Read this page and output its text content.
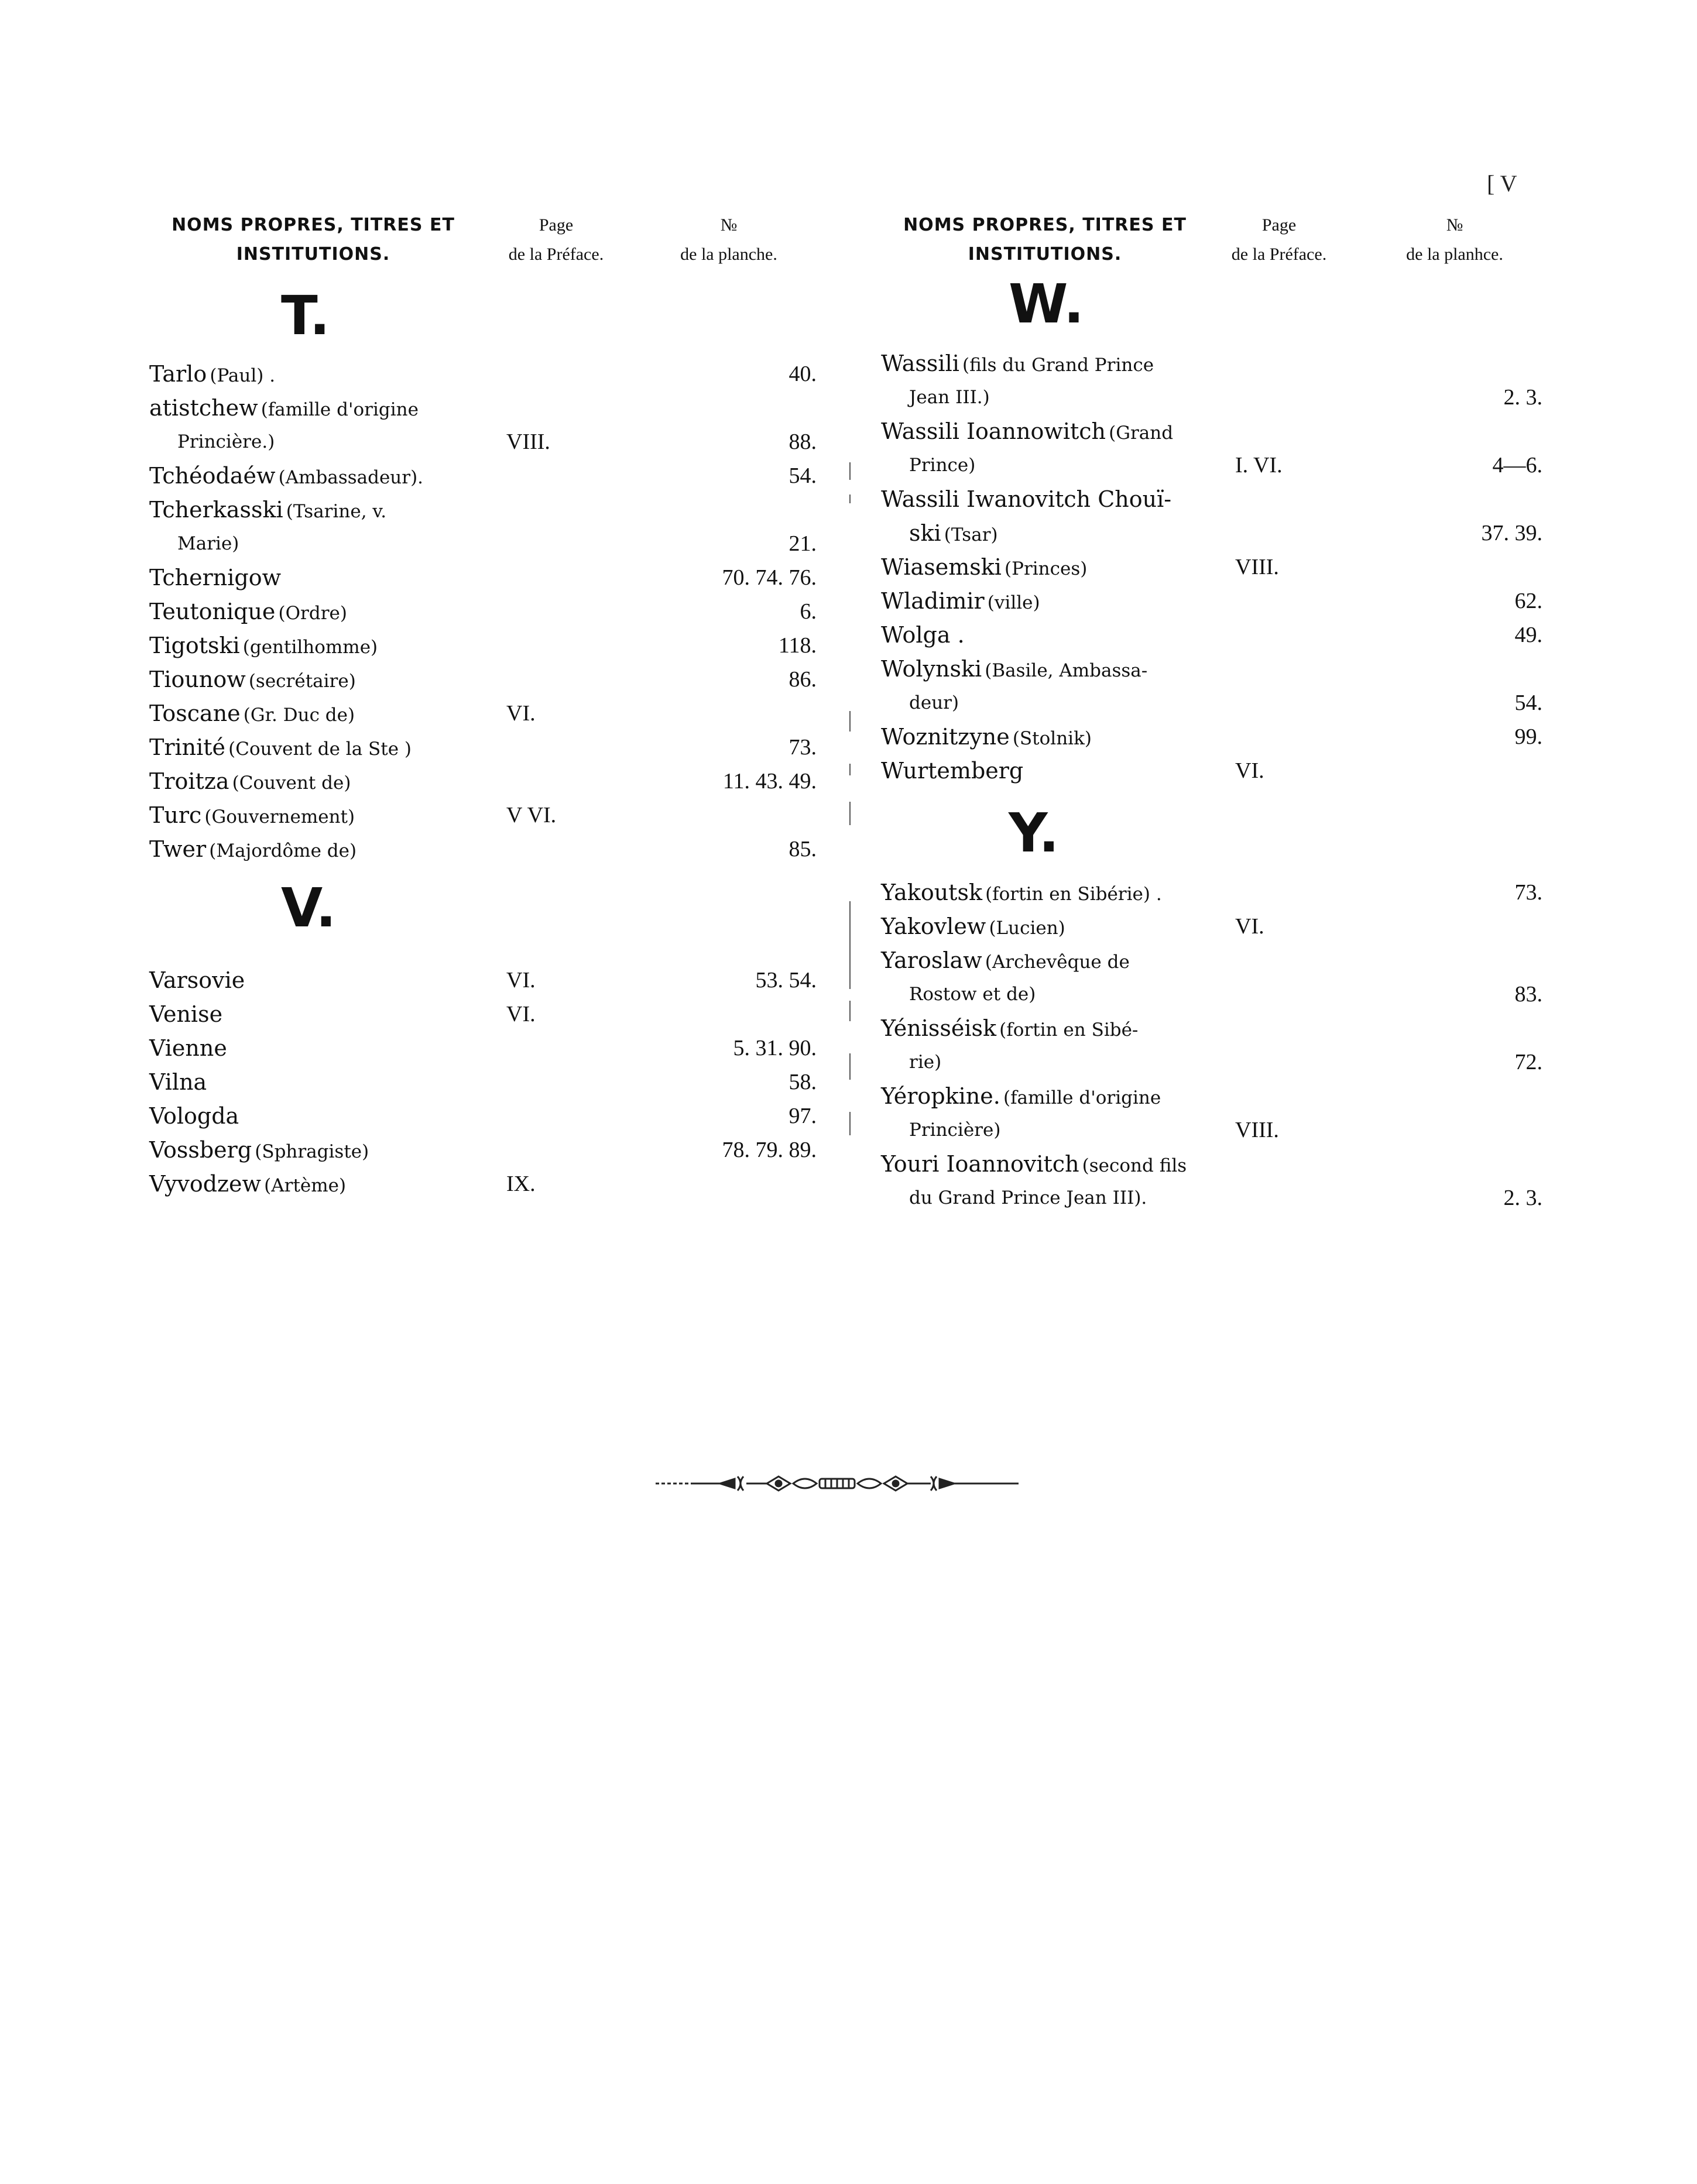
[ V
NOMS PROPRES, TITRES ET
INSTITUTIONS.
Page
de la Préface.
№
de la planche.
T.
Tarlo (Paul) .	40.
atistchew (famille d'origine
Princière.)	VIII.	88.
Tchéodaéw (Ambassadeur).	54.
Tcherkasski (Tsarine, v.
Marie)	21.
Tchernigow	70. 74. 76.
Teutonique (Ordre)	6.
Tigotski (gentilhomme)	118.
Tiounow (secrétaire)	86.
Toscane (Gr. Duc de)	VI.
Trinité (Couvent de la Ste )	73.
Troitza (Couvent de)	11. 43. 49.
Turc (Gouvernement)	V VI.
Twer (Majordôme de)	85.
V.
Varsovie	VI.	53. 54.
Venise	VI.
Vienne	5. 31. 90.
Vilna	58.
Vologda	97.
Vossberg (Sphragiste)	78. 79. 89.
Vyvodzew (Artème)	IX.
NOMS PROPRES, TITRES ET
INSTITUTIONS.
Page
de la Préface.
№
de la planhce.
W.
Wassili (fils du Grand Prince
Jean III.)	2. 3.
Wassili Ioannowitch (Grand
Prince)	I. VI.	4—6.
Wassili Iwanovitch Chouï-
ski (Tsar)	37. 39.
Wiasemski (Princes)	VIII.
Wladimir (ville)	62.
Wolga .	49.
Wolynski (Basile, Ambassa-
deur)	54.
Woznitzyne (Stolnik)	99.
Wurtemberg	VI.
Y.
Yakoutsk (fortin en Sibérie) .	73.
Yakovlew (Lucien)	VI.
Yaroslaw (Archevêque de
Rostow et de)	83.
Yénisséisk (fortin en Sibé-
rie)	72.
Yéropkine. (famille d'origine
Princière)	VIII.
Youri Ioannovitch (second fils
du Grand Prince Jean III).	2. 3.
